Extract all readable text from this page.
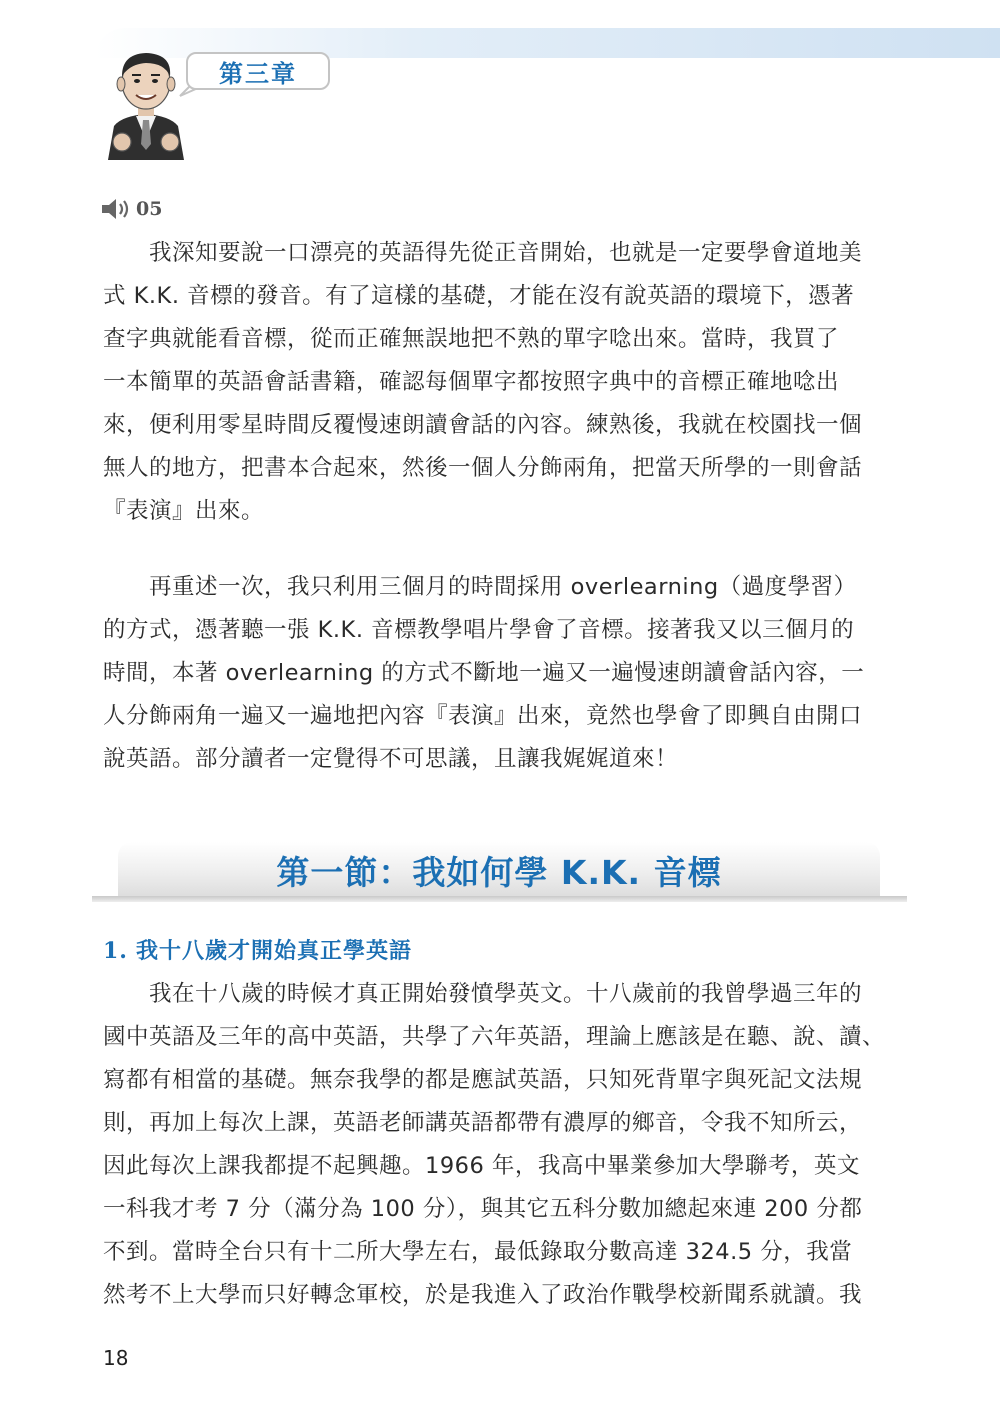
第三章
05

我深知要說一口漂亮的英語得先從正音開始，也就是一定要學會道地美
式 K.K. 音標的發音。有了這樣的基礎，才能在沒有說英語的環境下，憑著
查字典就能看音標，從而正確無誤地把不熟的單字唸出來。當時，我買了
一本簡單的英語會話書籍，確認每個單字都按照字典中的音標正確地唸出
來，便利用零星時間反覆慢速朗讀會話的內容。練熟後，我就在校園找一個
無人的地方，把書本合起來，然後一個人分飾兩角，把當天所學的一則會話
『表演』出來。

再重述一次，我只利用三個月的時間採用 overlearning（過度學習）
的方式，憑著聽一張 K.K. 音標教學唱片學會了音標。接著我又以三個月的
時間，本著 overlearning 的方式不斷地一遍又一遍慢速朗讀會話內容，一
人分飾兩角一遍又一遍地把內容『表演』出來，竟然也學會了即興自由開口
說英語。部分讀者一定覺得不可思議，且讓我娓娓道來！

第一節：我如何學 K.K. 音標
1. 我十八歲才開始真正學英語

我在十八歲的時候才真正開始發憤學英文。十八歲前的我曾學過三年的
國中英語及三年的高中英語，共學了六年英語，理論上應該是在聽、說、讀、
寫都有相當的基礎。無奈我學的都是應試英語，只知死背單字與死記文法規
則，再加上每次上課，英語老師講英語都帶有濃厚的鄉音，令我不知所云，
因此每次上課我都提不起興趣。1966 年，我高中畢業參加大學聯考，英文
一科我才考 7 分（滿分為 100 分），與其它五科分數加總起來連 200 分都
不到。當時全台只有十二所大學左右，最低錄取分數高達 324.5 分，我當
然考不上大學而只好轉念軍校，於是我進入了政治作戰學校新聞系就讀。我

18
